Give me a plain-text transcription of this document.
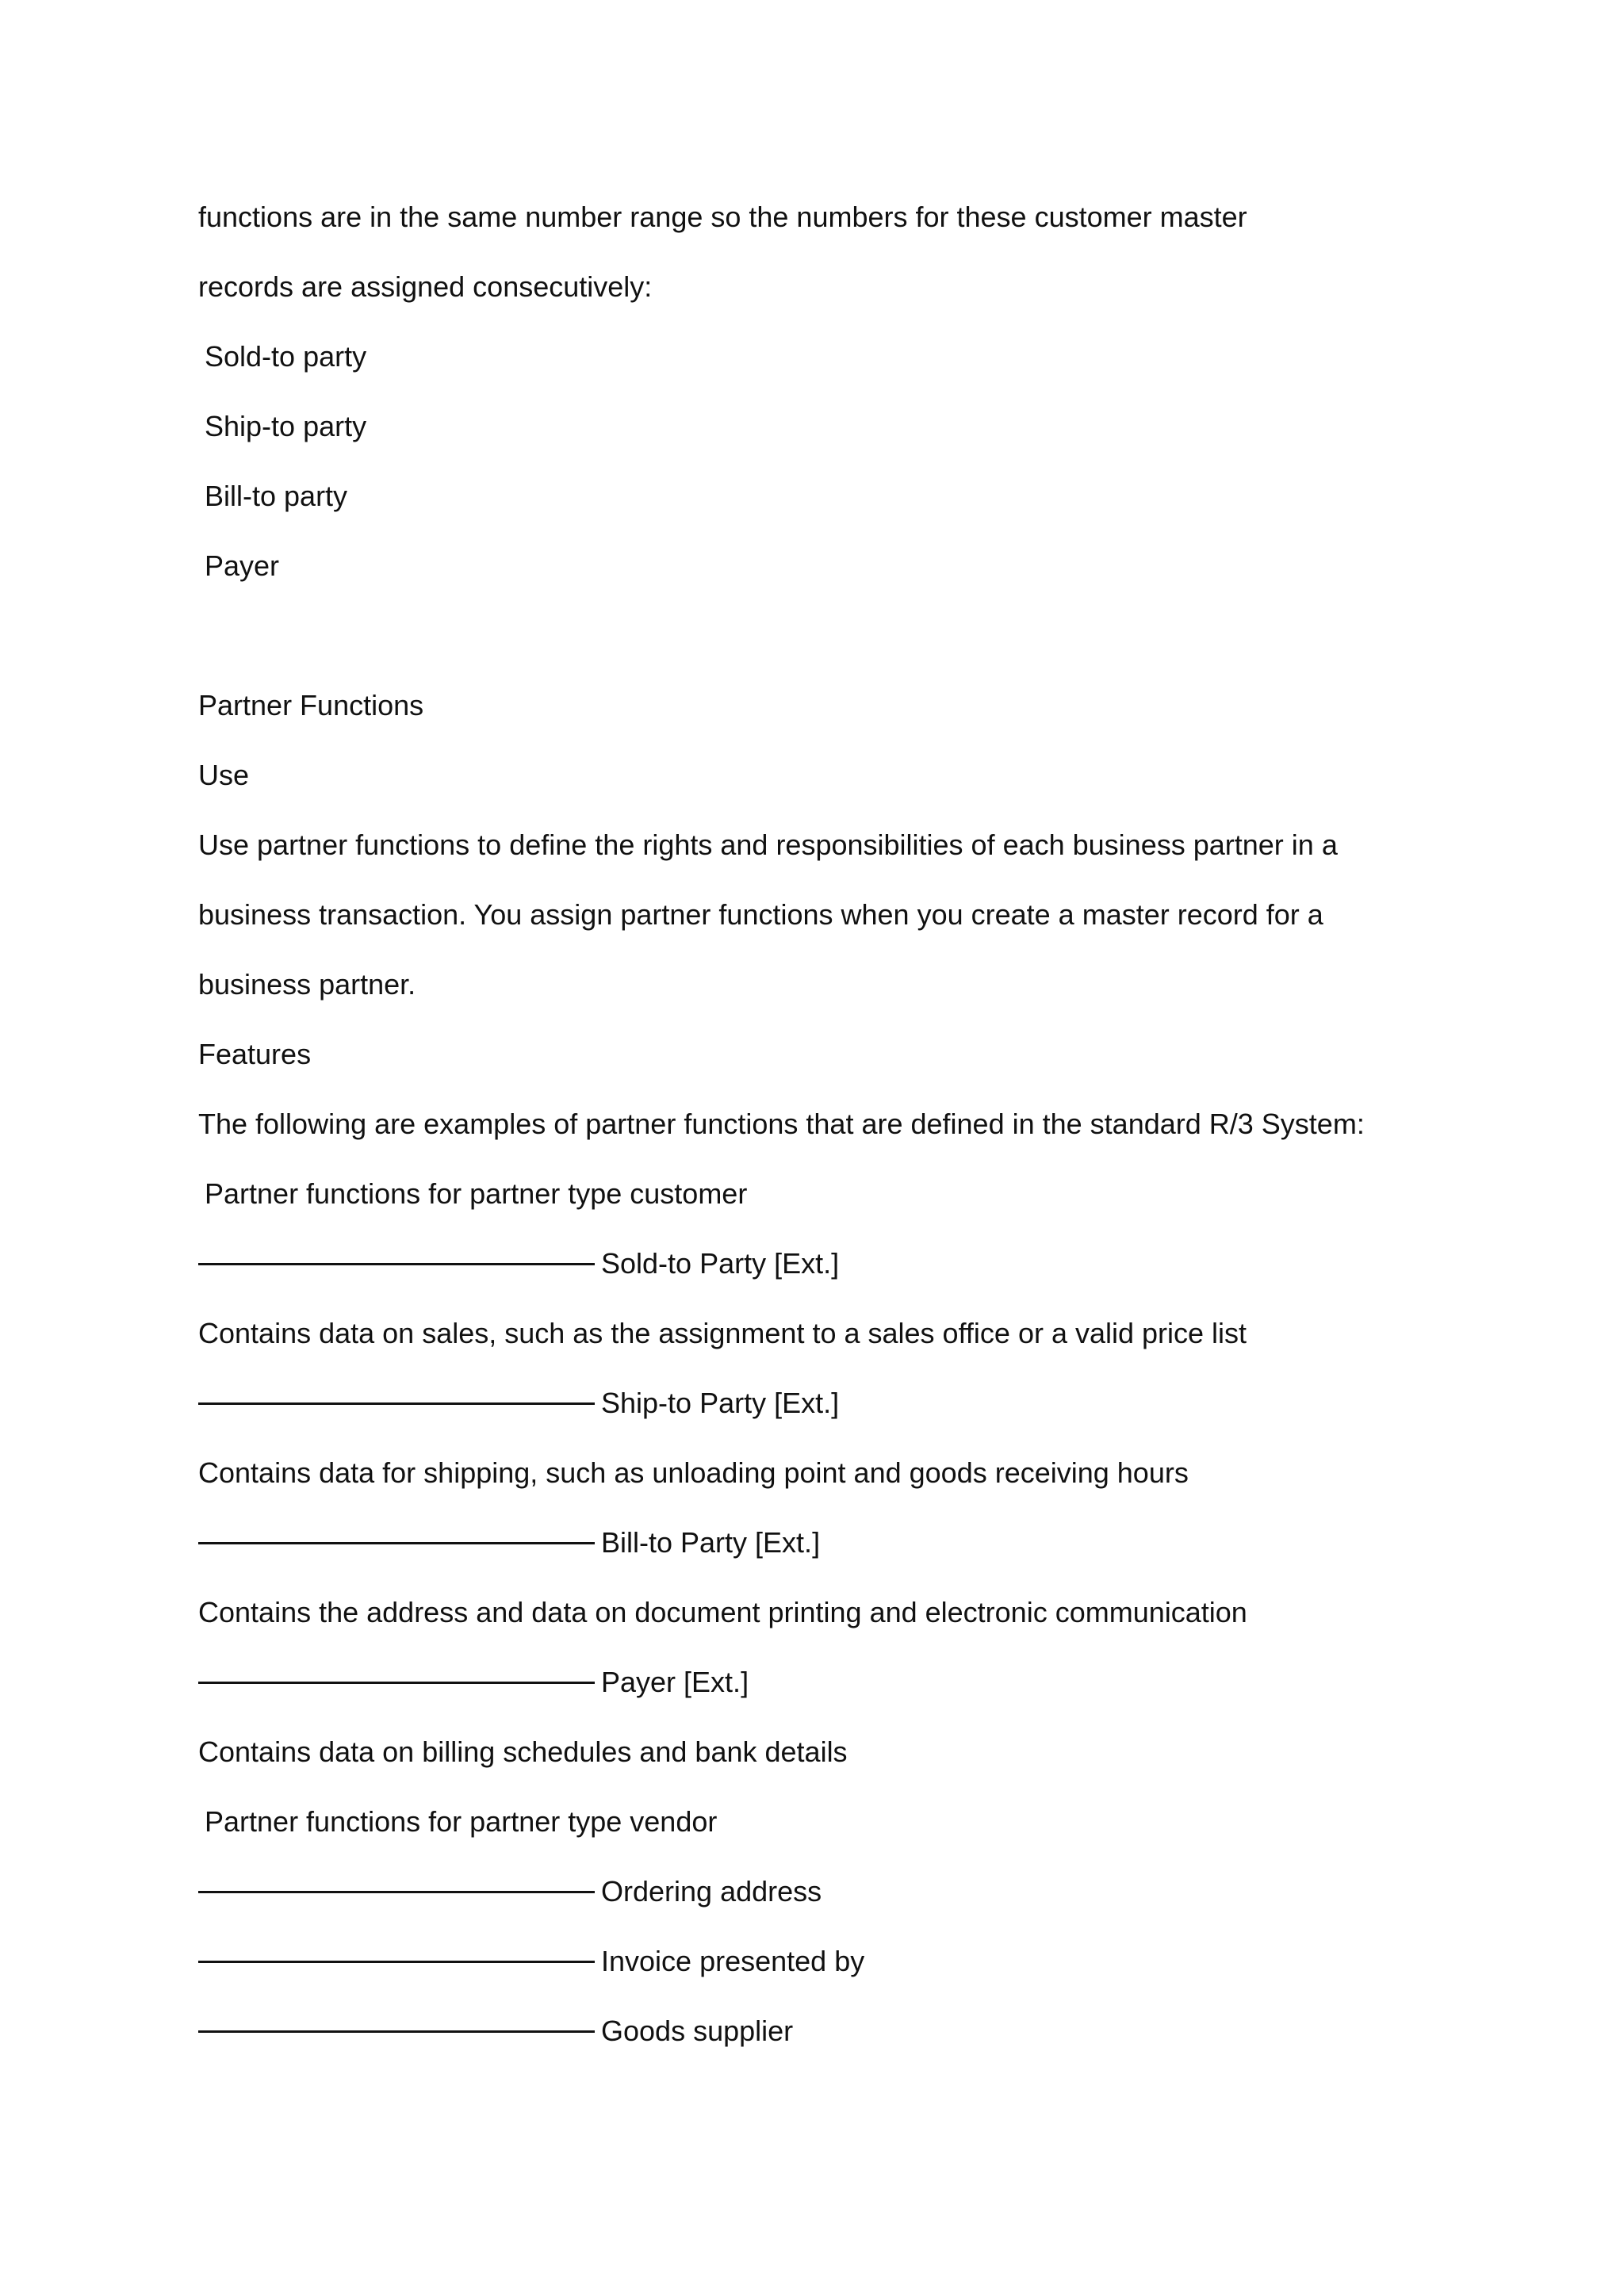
functions are in the same number range so the numbers for these customer master
records are assigned consecutively:
Sold-to party
Ship-to party
Bill-to party
Payer
Partner Functions
Use
Use partner functions to define the rights and responsibilities of each business partner in a
business transaction. You assign partner functions when you create a master record for a
business partner.
Features
The following are examples of partner functions that are defined in the standard R/3 System:
Partner functions for partner type customer
Sold-to Party [Ext.]
Contains data on sales, such as the assignment to a sales office or a valid price list
Ship-to Party [Ext.]
Contains data for shipping, such as unloading point and goods receiving hours
Bill-to Party [Ext.]
Contains the address and data on document printing and electronic communication
Payer [Ext.]
Contains data on billing schedules and bank details
Partner functions for partner type vendor
Ordering address
Invoice presented by
Goods supplier
